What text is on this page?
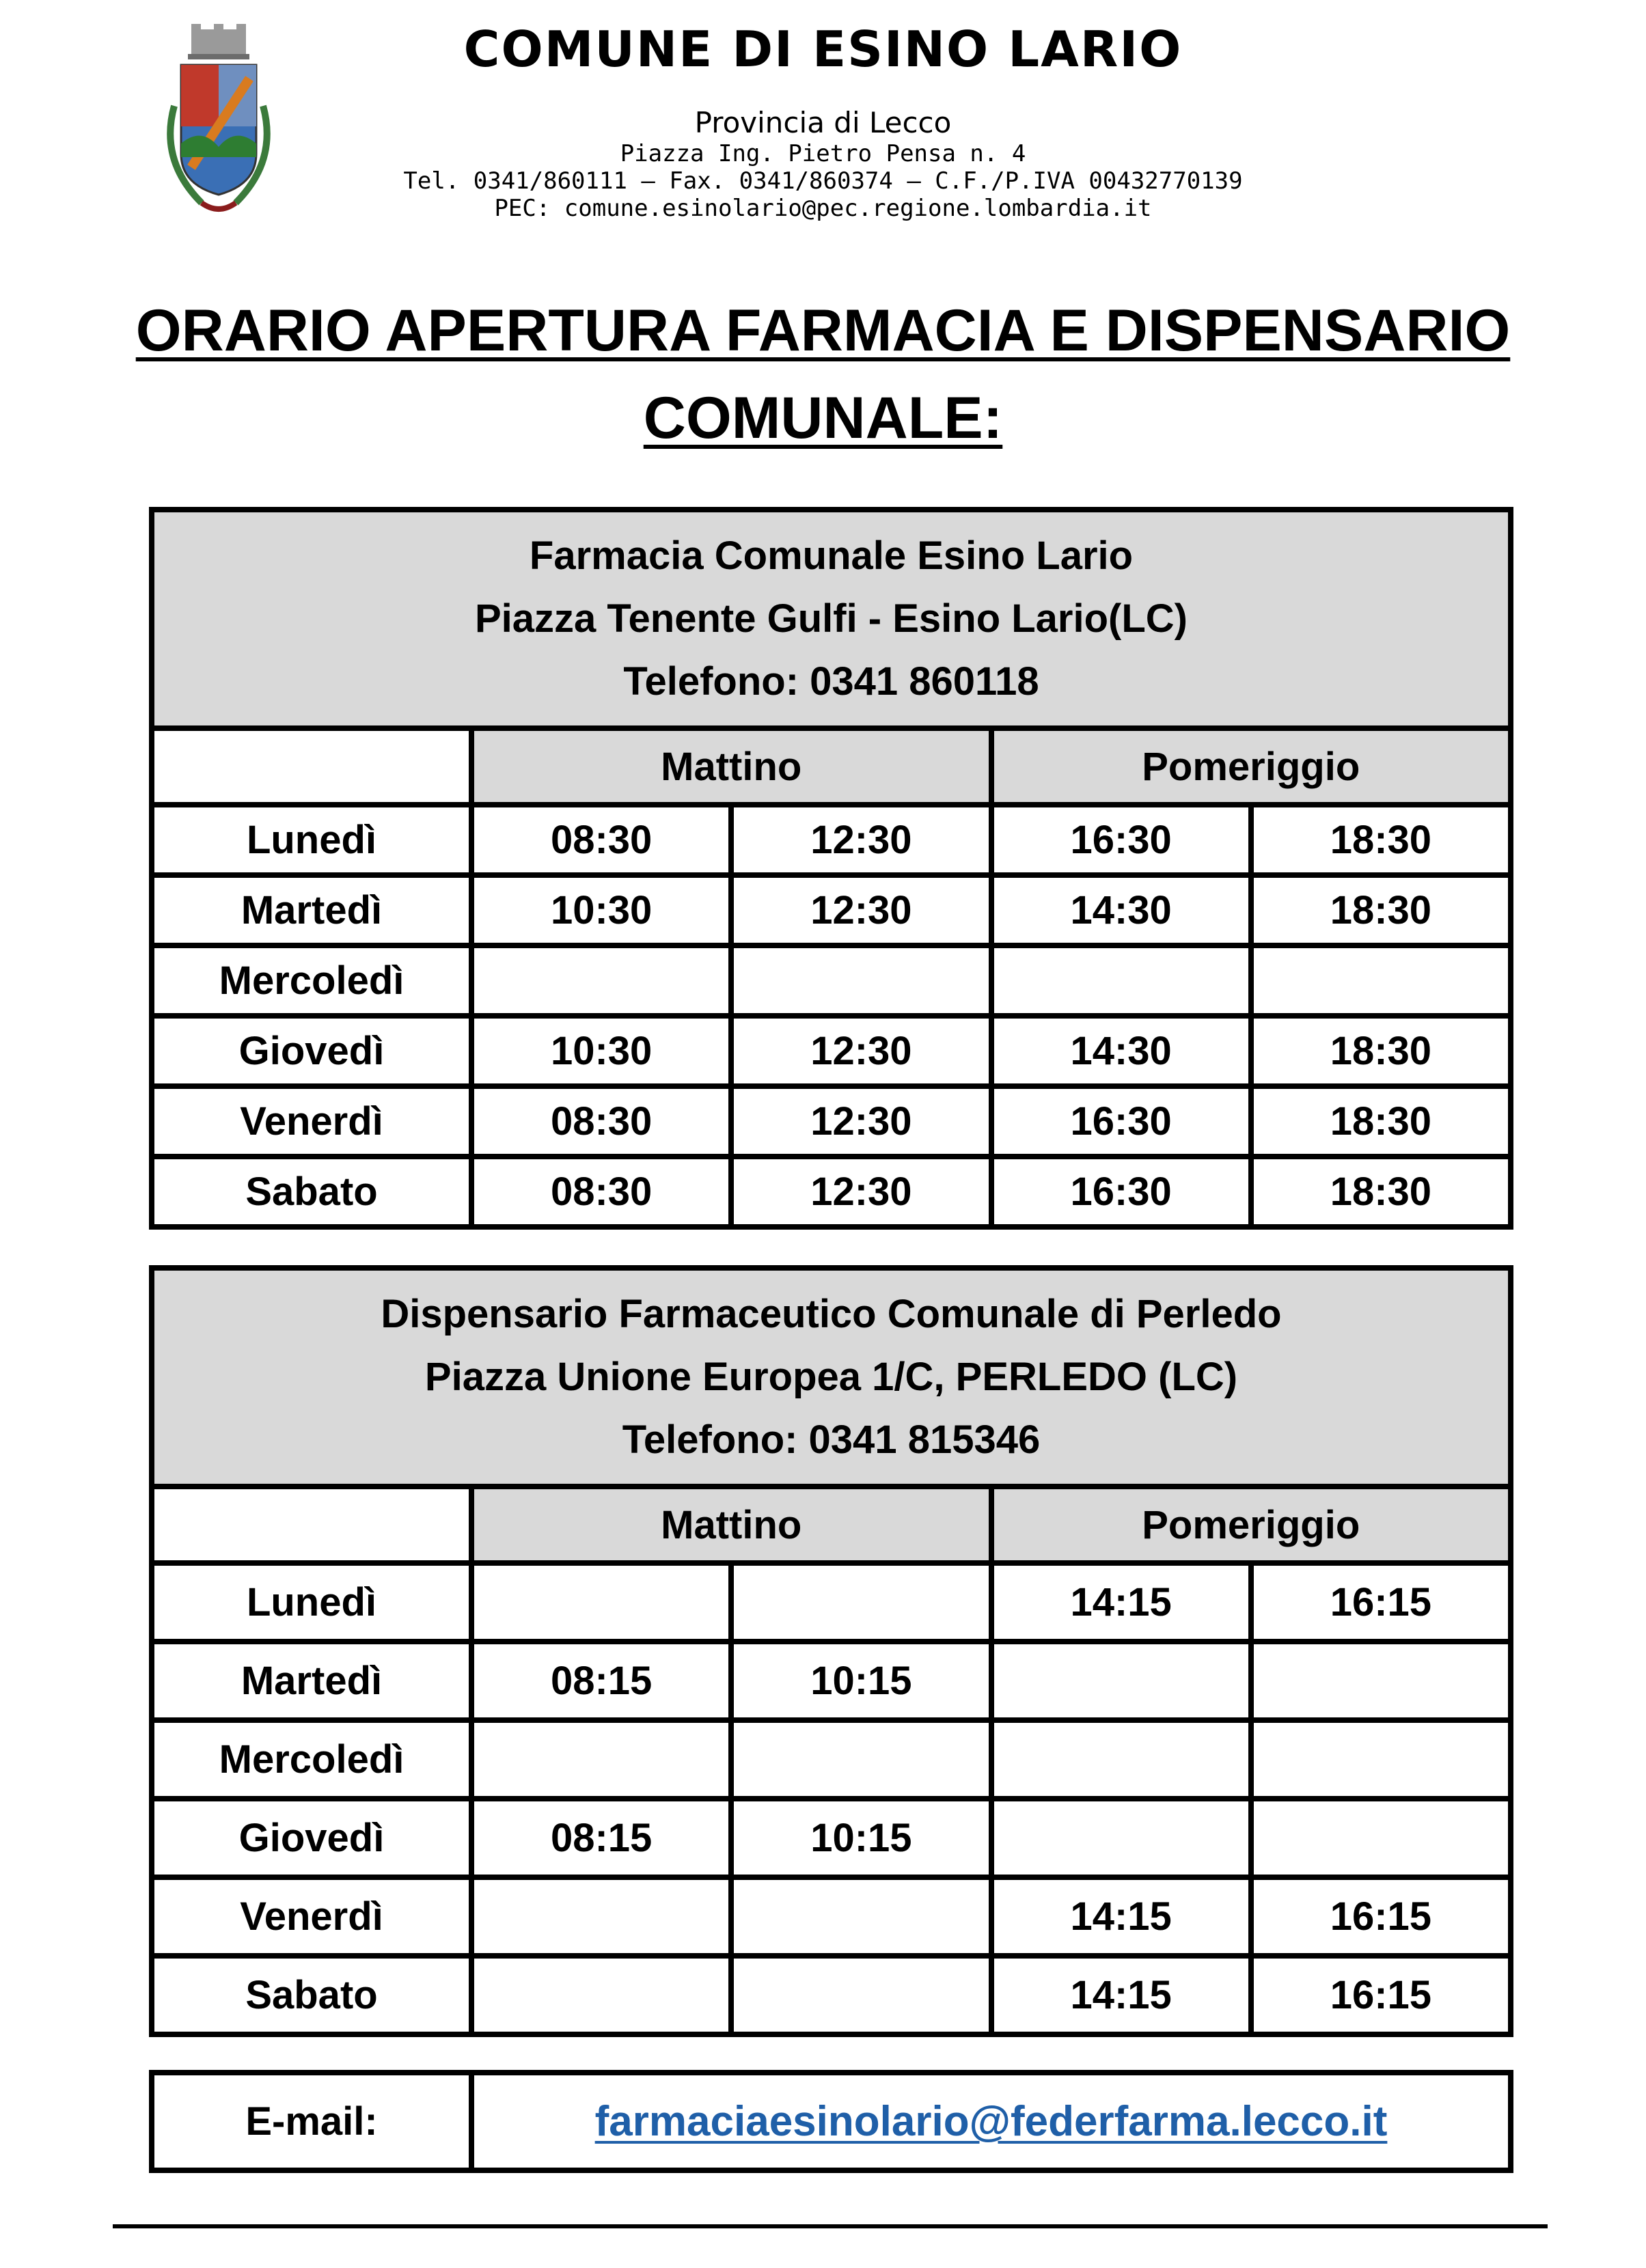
COMUNE DI ESINO LARIO
Provincia di Lecco
Piazza Ing. Pietro Pensa n. 4
Tel. 0341/860111 – Fax. 0341/860374 – C.F./P.IVA 00432770139
PEC: comune.esinolario@pec.regione.lombardia.it
ORARIO APERTURA FARMACIA E DISPENSARIO
COMUNALE:
Farmacia Comunale Esino Lario
Piazza Tenente Gulfi - Esino Lario(LC)
Telefono: 0341 860118				

	Mattino		Pomeriggio	
Lunedì	08:30	12:30	16:30	18:30
Martedì	10:30	12:30	14:30	18:30
Mercoledì				
Giovedì	10:30	12:30	14:30	18:30
Venerdì	08:30	12:30	16:30	18:30
Sabato	08:30	12:30	16:30	18:30
Dispensario Farmaceutico Comunale di Perledo
Piazza Unione Europea 1/C, PERLEDO (LC)
Telefono: 0341 815346				

	Mattino		Pomeriggio	
Lunedì			14:15	16:15
Martedì	08:15	10:15		
Mercoledì				
Giovedì	08:15	10:15		
Venerdì			14:15	16:15
Sabato			14:15	16:15
E-mail:	farmaciaesinolario@federfarma.lecco.it
